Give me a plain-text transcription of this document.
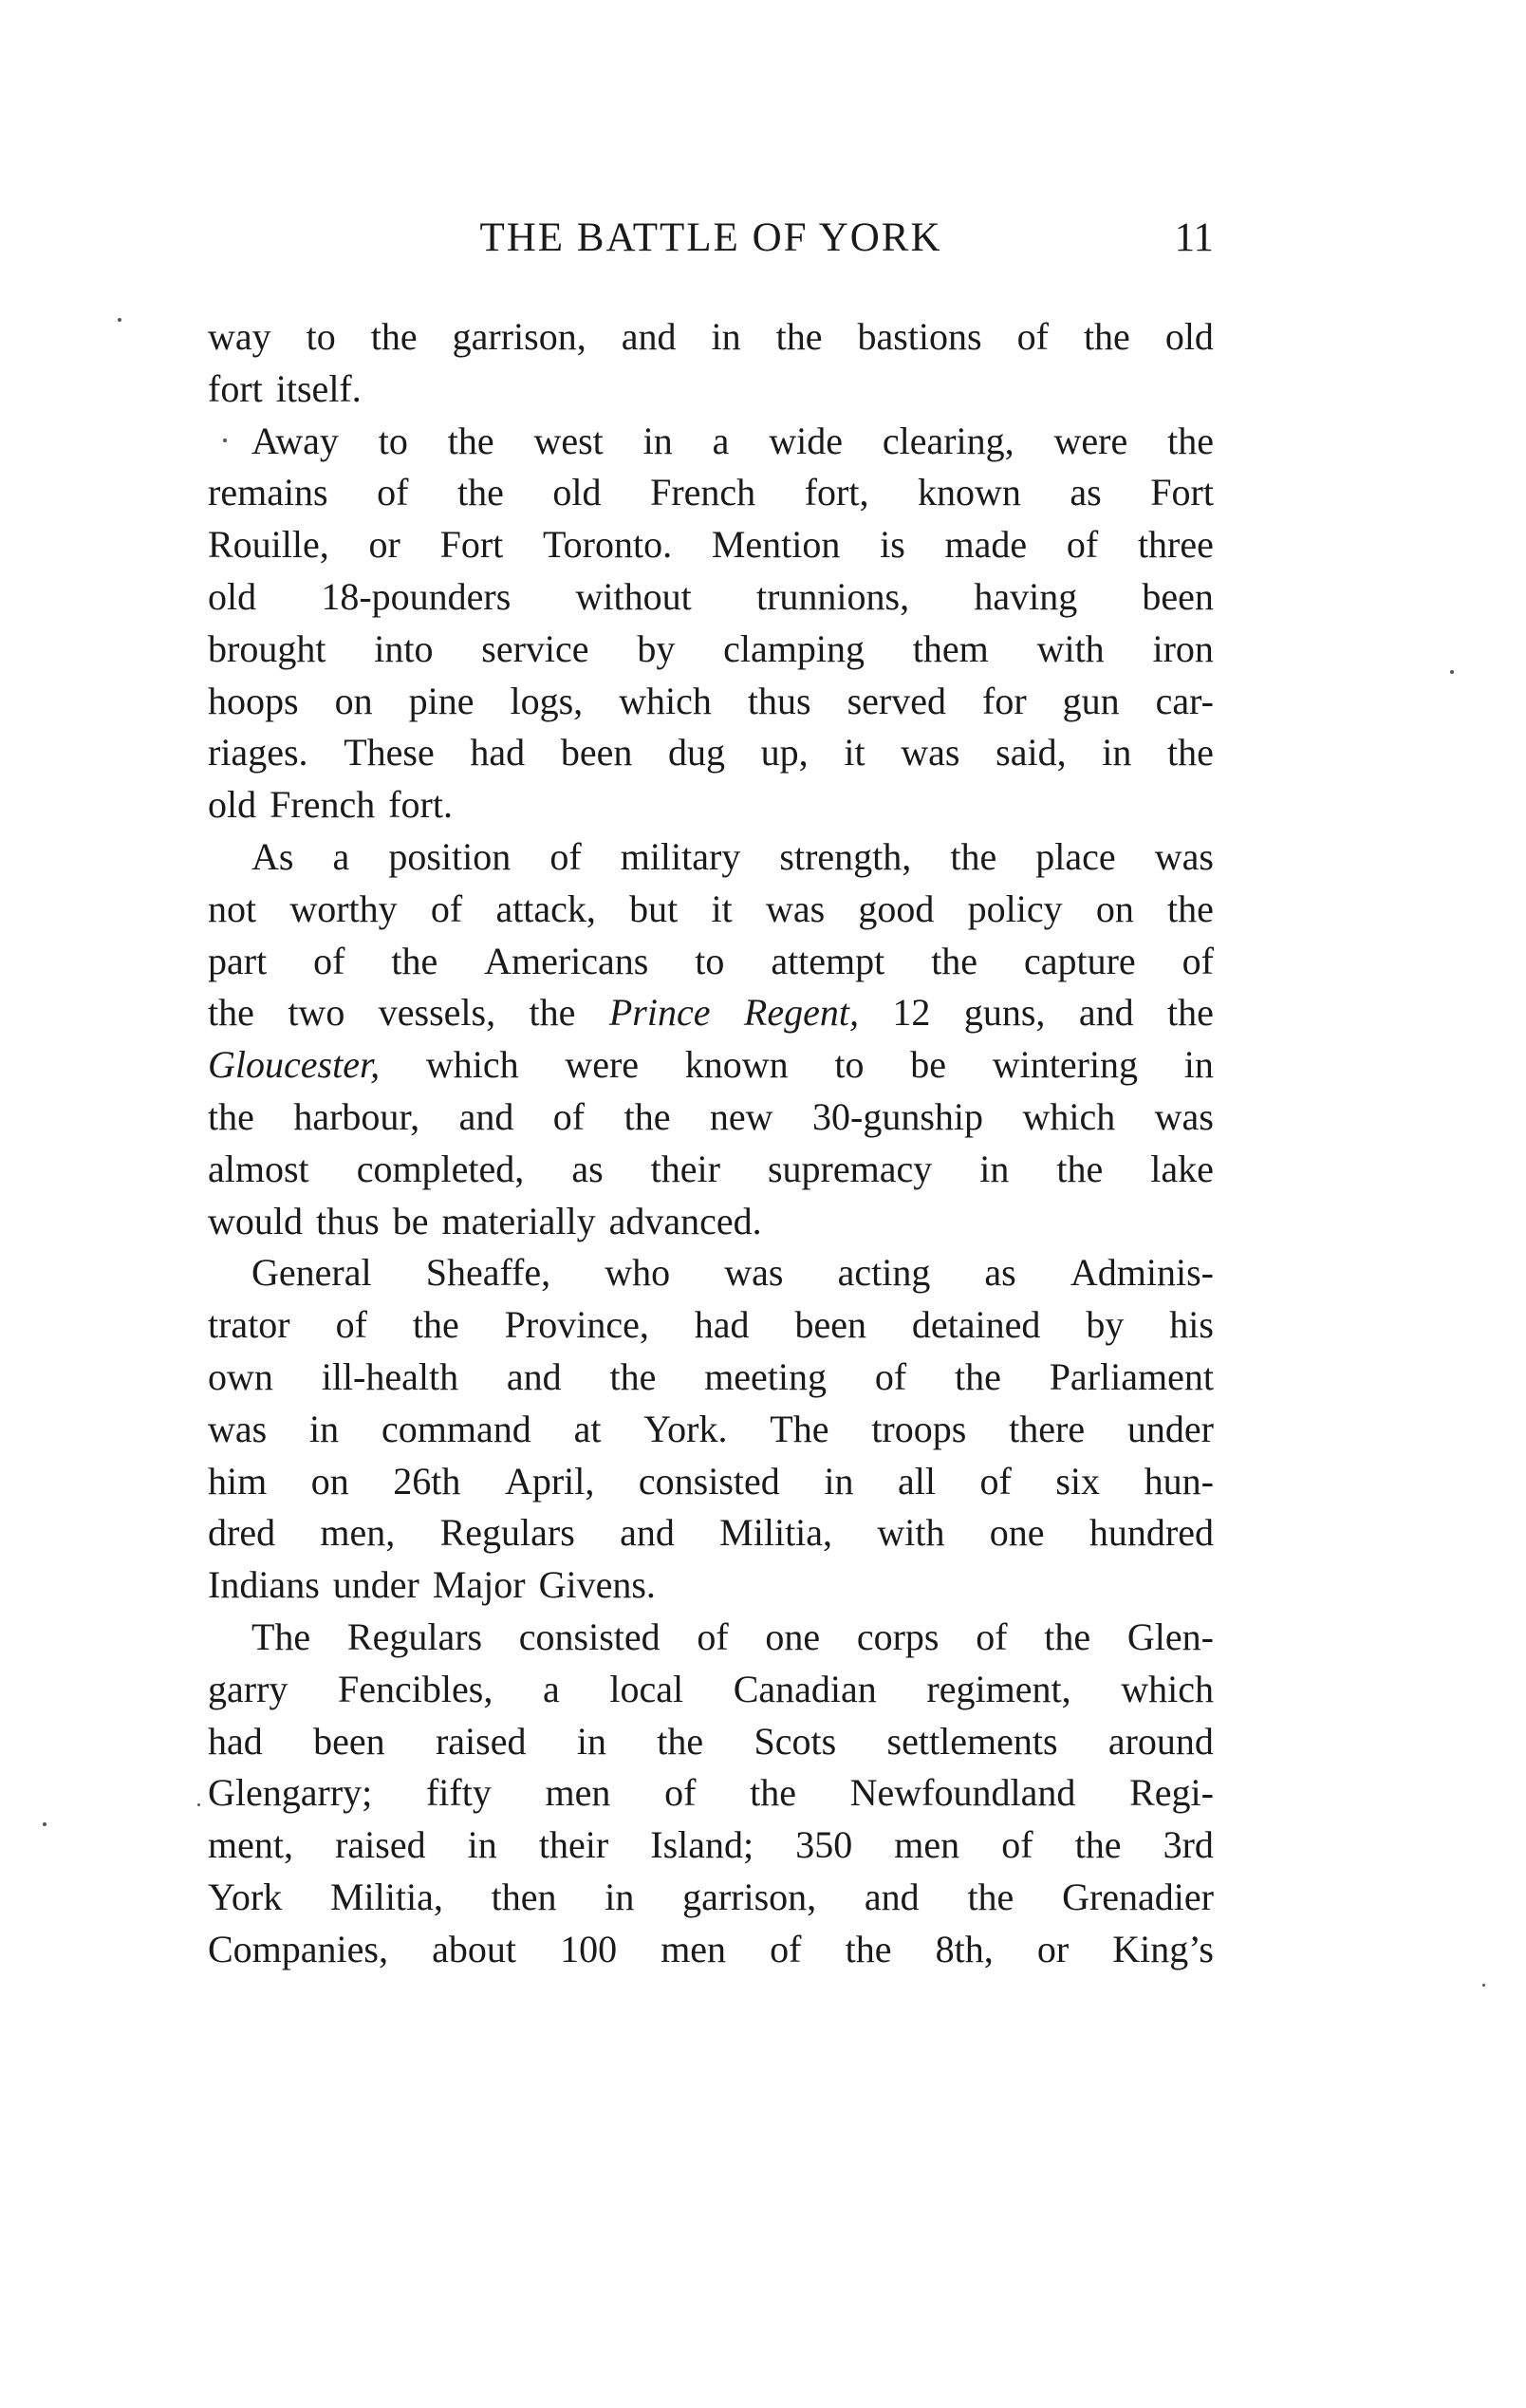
THE BATTLE OF YORK	11
way to the garrison, and in the bastions of the old
fort itself.
Away to the west in a wide clearing, were the
remains of the old French fort, known as Fort
Rouille, or Fort Toronto. Mention is made of three
old 18-pounders without trunnions, having been
brought into service by clamping them with iron
hoops on pine logs, which thus served for gun car-
riages. These had been dug up, it was said, in the
old French fort.
As a position of military strength, the place was
not worthy of attack, but it was good policy on the
part of the Americans to attempt the capture of
the two vessels, the Prince Regent, 12 guns, and the
Gloucester, which were known to be wintering in
the harbour, and of the new 30-gunship which was
almost completed, as their supremacy in the lake
would thus be materially advanced.
General Sheaffe, who was acting as Adminis-
trator of the Province, had been detained by his
own ill-health and the meeting of the Parliament
was in command at York. The troops there under
him on 26th April, consisted in all of six hun-
dred men, Regulars and Militia, with one hundred
Indians under Major Givens.
The Regulars consisted of one corps of the Glen-
garry Fencibles, a local Canadian regiment, which
had been raised in the Scots settlements around
Glengarry; fifty men of the Newfoundland Regi-
ment, raised in their Island; 350 men of the 3rd
York Militia, then in garrison, and the Grenadier
Companies, about 100 men of the 8th, or King’s
